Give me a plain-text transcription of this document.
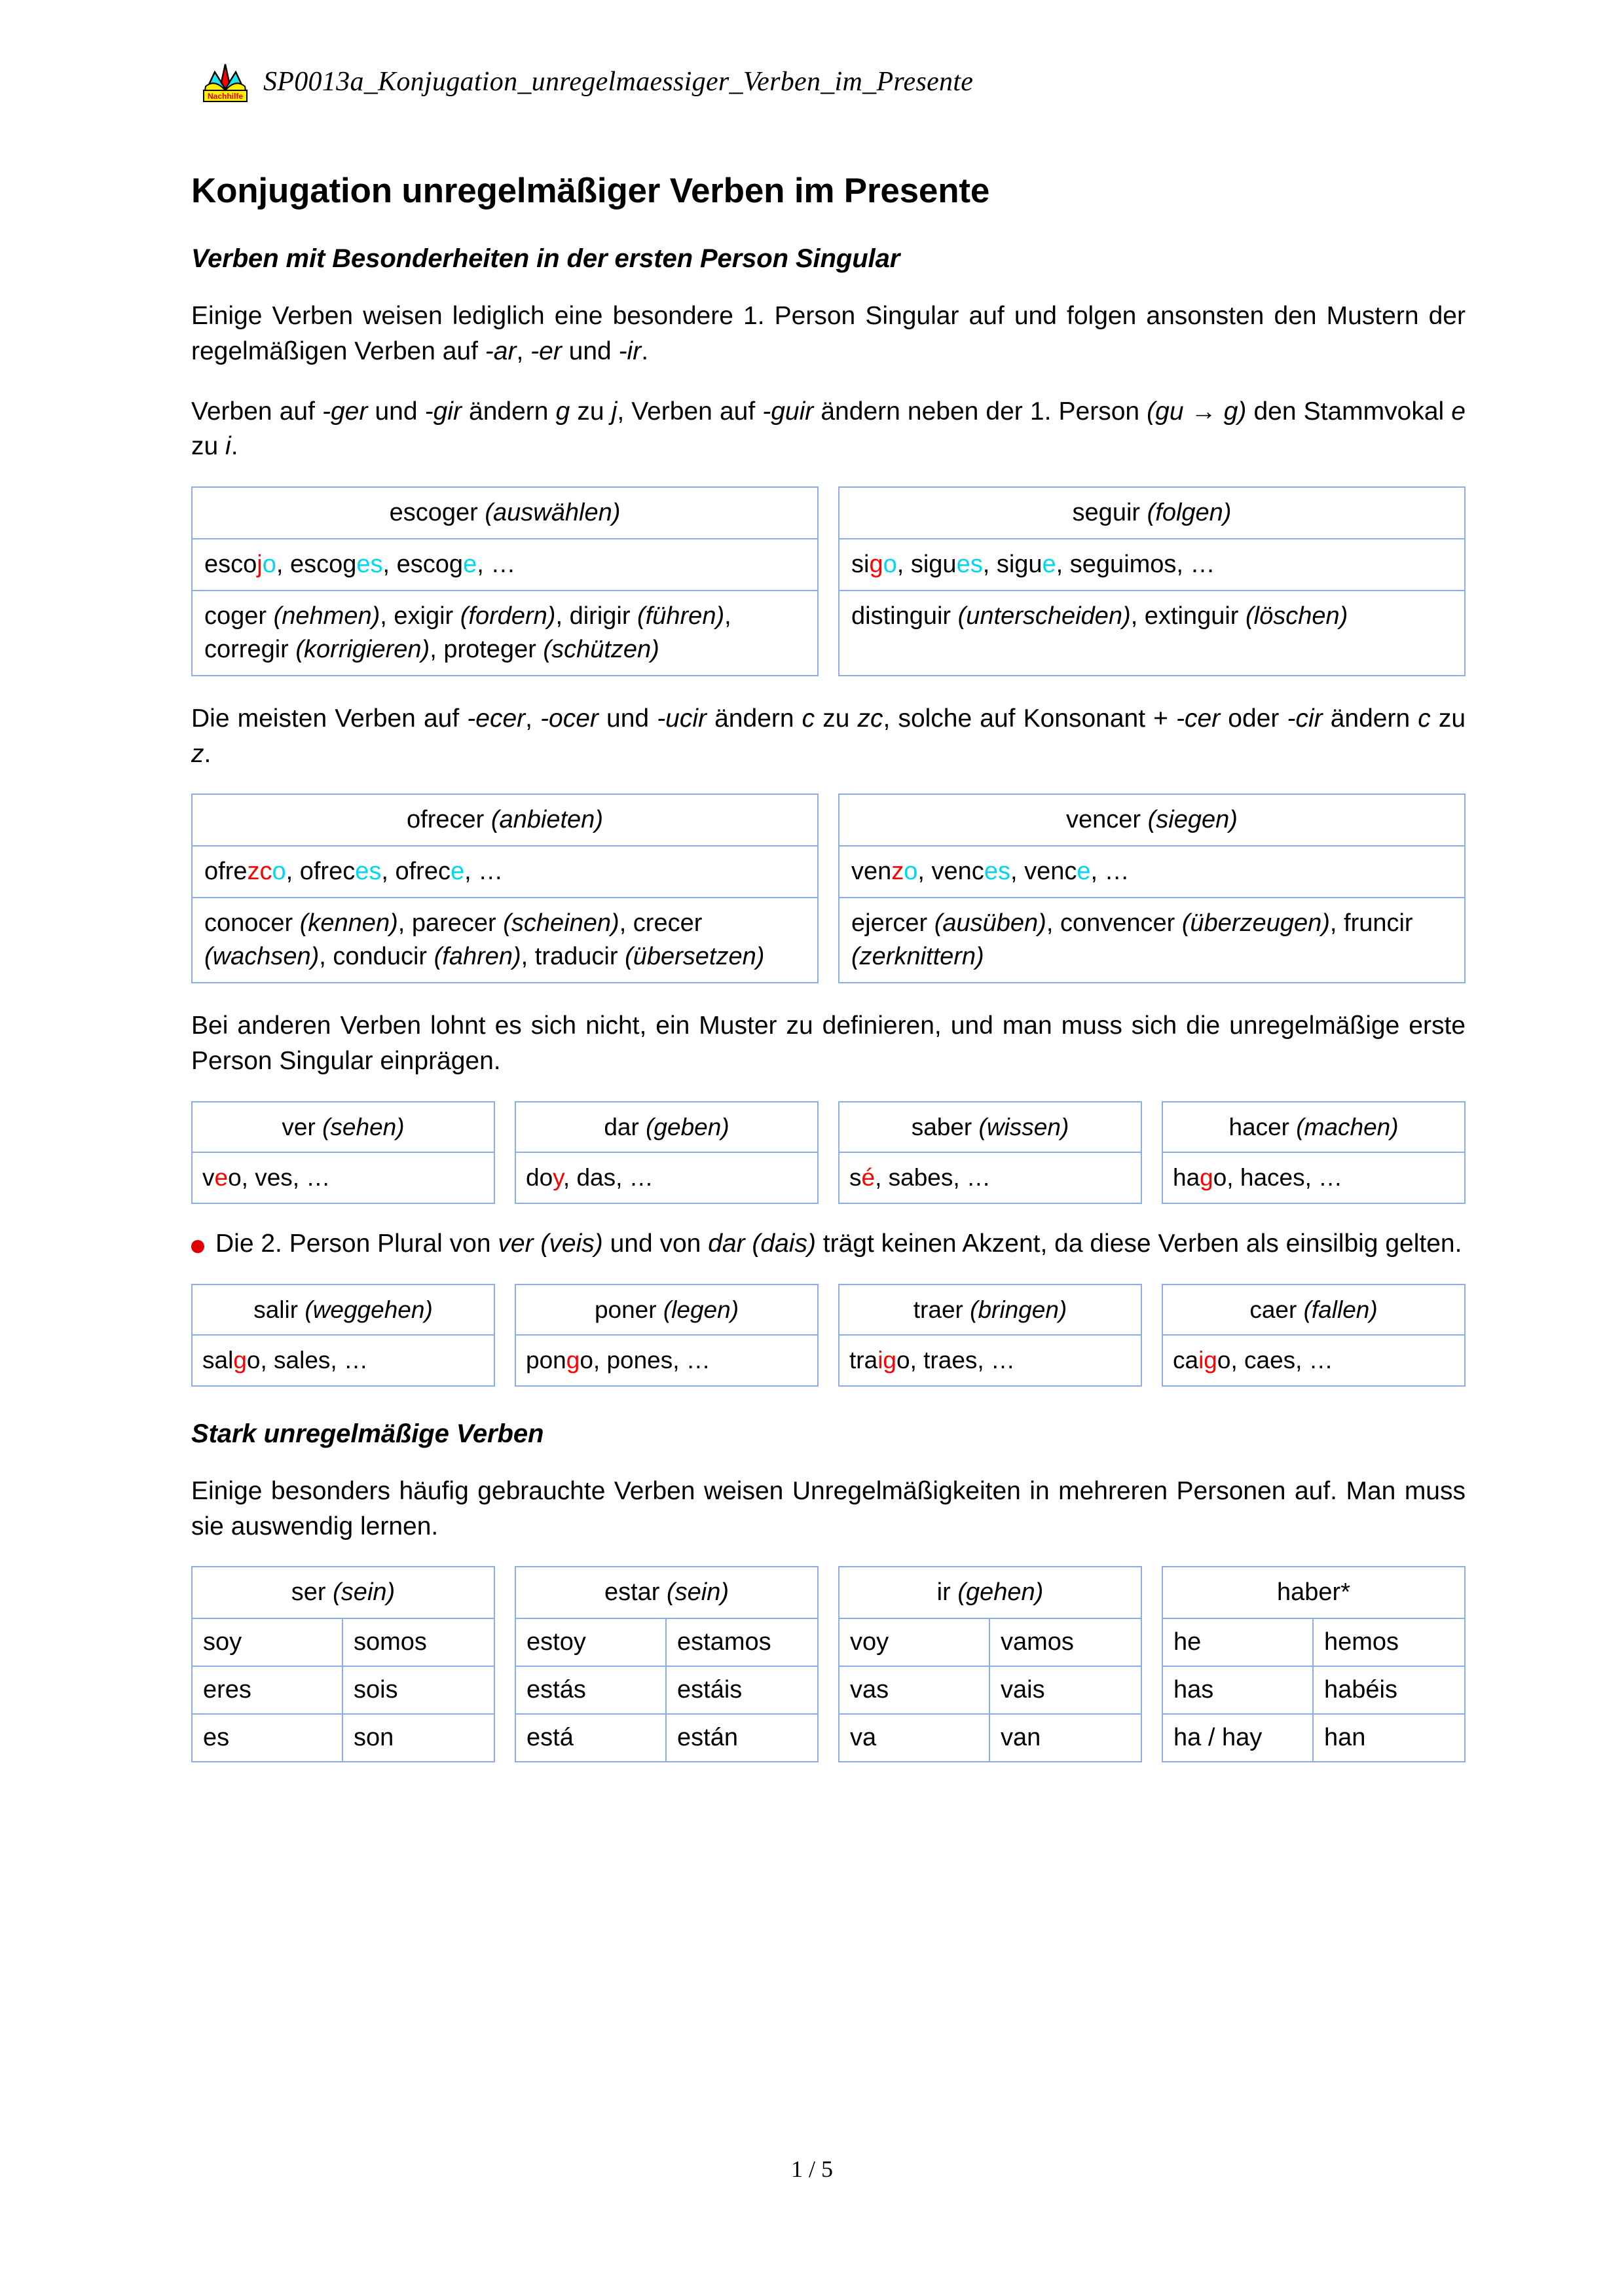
Nachhilfe SP0013a_Konjugation_unregelmaessiger_Verben_im_Presente
Konjugation unregelmäßiger Verben im Presente
Verben mit Besonderheiten in der ersten Person Singular

Einige Verben weisen lediglich eine besondere 1. Person Singular auf und folgen ansonsten den Mustern der regelmäßigen Verben auf -ar, -er und -ir.

Verben auf -ger und -gir ändern g zu j, Verben auf -guir ändern neben der 1. Person (gu → g) den Stammvokal e zu i.

escoger (auswählen)
escojo, escoges, escoge, …
coger (nehmen), exigir (fordern), dirigir (führen), corregir (korrigieren), proteger (schützen)
seguir (folgen)
sigo, sigues, sigue, seguimos, …
distinguir (unterscheiden), extinguir (löschen)

Die meisten Verben auf -ecer, -ocer und -ucir ändern c zu zc, solche auf Konsonant + -cer oder -cir ändern c zu z.

ofrecer (anbieten)
ofrezco, ofreces, ofrece, …
conocer (kennen), parecer (scheinen), crecer (wachsen), conducir (fahren), traducir (übersetzen)
vencer (siegen)
venzo, vences, vence, …
ejercer (ausüben), convencer (überzeugen), fruncir (zerknittern)

Bei anderen Verben lohnt es sich nicht, ein Muster zu definieren, und man muss sich die unregelmäßige erste Person Singular einprägen.

ver (sehen)
veo, ves, …
dar (geben)
doy, das, …
saber (wissen)
sé, sabes, …
hacer (machen)
hago, haces, …
Die 2. Person Plural von ver (veis) und von dar (dais) trägt keinen Akzent, da diese Verben als einsilbig gelten.
salir (weggehen)
salgo, sales, …
poner (legen)
pongo, pones, …
traer (bringen)
traigo, traes, …
caer (fallen)
caigo, caes, …
Stark unregelmäßige Verben

Einige besonders häufig gebrauchte Verben weisen Unregelmäßigkeiten in mehreren Personen auf. Man muss sie auswendig lernen.

ser (sein)
soy	somos
eres	sois
es	son
estar (sein)
estoy	estamos
estás	estáis
está	están
ir (gehen)
voy	vamos
vas	vais
va	van
haber*
he	hemos
has	habéis
ha / hay	han
1 / 5
